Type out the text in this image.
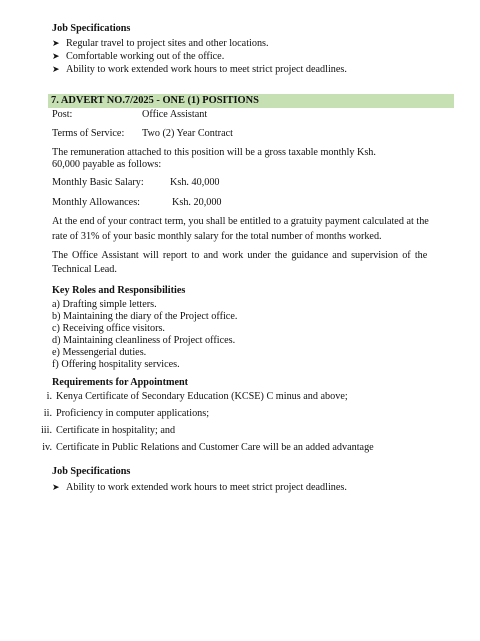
Job Specifications
➤ Regular travel to project sites and other locations.
➤ Comfortable working out of the office.
➤ Ability to work extended work hours to meet strict project deadlines.
7. ADVERT NO.7/2025 - ONE (1) POSITIONS
Post:	Office Assistant
Terms of Service: Two (2) Year Contract
The remuneration attached to this position will be a gross taxable monthly Ksh.
60,000 payable as follows:
Monthly Basic Salary:	Ksh. 40,000
Monthly Allowances:	Ksh. 20,000
At the end of your contract term, you shall be entitled to a gratuity payment calculated at the
rate of 31% of your basic monthly salary for the total number of months worked.
The Office Assistant will report to and work under the guidance and supervision of the
Technical Lead.
Key Roles and Responsibilities
a) Drafting simple letters.
b) Maintaining the diary of the Project office.
c) Receiving office visitors.
d) Maintaining cleanliness of Project offices.
e) Messengerial duties.
f) Offering hospitality services.
Requirements for Appointment
i. Kenya Certificate of Secondary Education (KCSE) C minus and above;
ii. Proficiency in computer applications;
iii. Certificate in hospitality; and
iv. Certificate in Public Relations and Customer Care will be an added advantage
Job Specifications
➤ Ability to work extended work hours to meet strict project deadlines.
